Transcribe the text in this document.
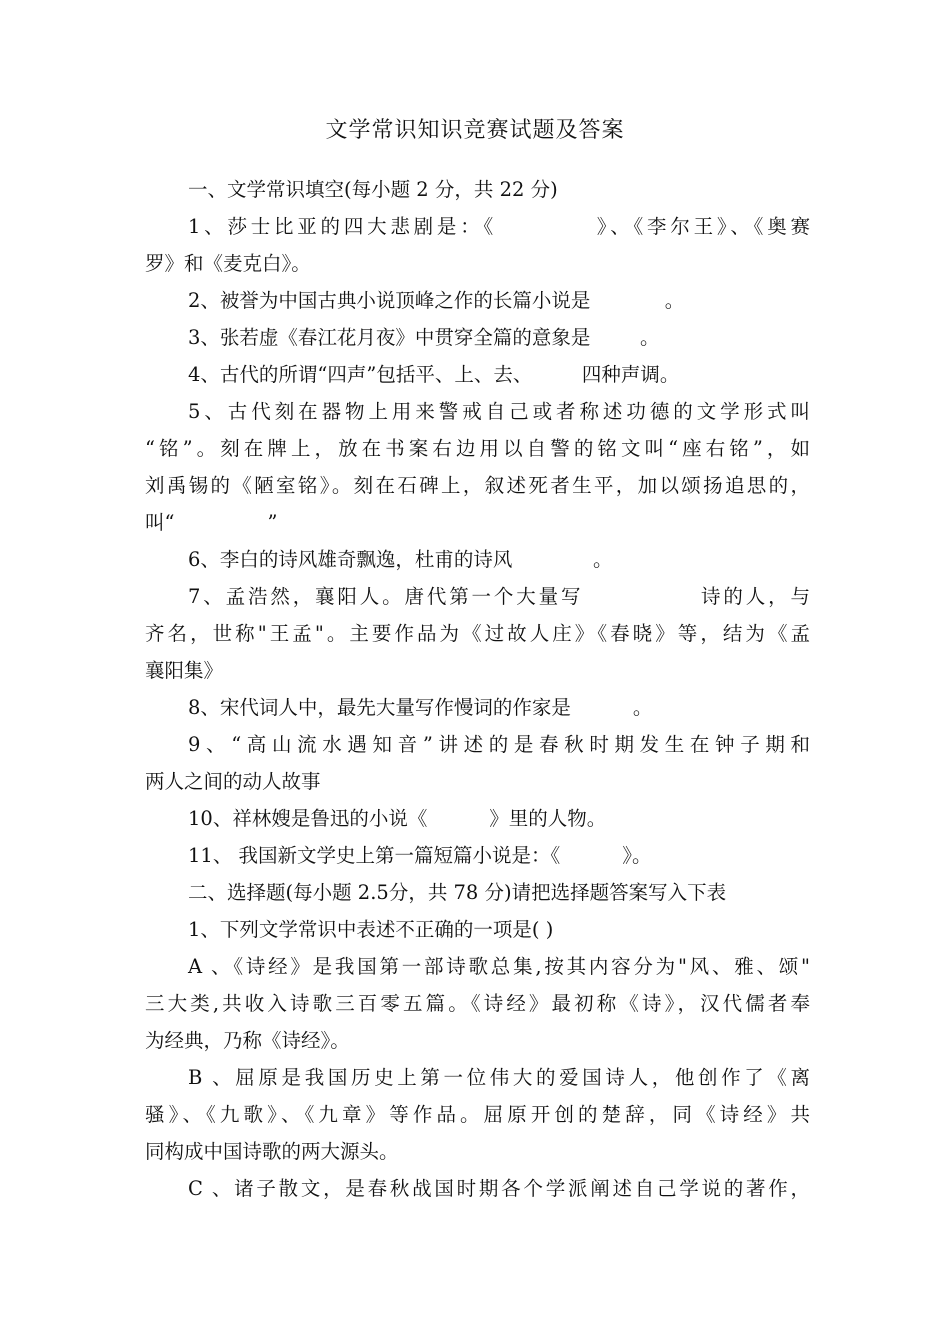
文学常识知识竞赛试题及答案
一、文学常识填空(每小题 2 分，共 22 分)
1、莎士比亚的四大悲剧是：《          》、《李尔王》、《奥赛
罗》和《麦克白》。
2、被誉为中国古典小说顶峰之作的长篇小说是            。
3、张若虚《春江花月夜》中贯穿全篇的意象是        。
4、古代的所谓“四声”包括平、上、去、        四种声调。
5、古代刻在器物上用来警戒自己或者称述功德的文学形式叫
“铭”。刻在牌上，放在书案右边用以自警的铭文叫“座右铭”，如
刘禹锡的《陋室铭》。刻在石碑上，叙述死者生平，加以颂扬追思的，
叫“               ”
6、李白的诗风雄奇飘逸，杜甫的诗风             。
7、孟浩然，襄阳人。唐代第一个大量写             诗的人，与
齐名，世称"王孟"。主要作品为《过故人庄》《春晓》等，结为《孟
襄阳集》
8、宋代词人中，最先大量写作慢词的作家是          。
9、“高山流水遇知音”讲述的是春秋时期发生在钟子期和
两人之间的动人故事
10、祥林嫂是鲁迅的小说《          》里的人物。
11、 我国新文学史上第一篇短篇小说是：《          》。
二、选择题(每小题 2.5分，共 78 分)请把选择题答案写入下表
1、下列文学常识中表述不正确的一项是( )
A 、《诗经》是我国第一部诗歌总集,按其内容分为"风、雅、颂"
三大类,共收入诗歌三百零五篇。《诗经》最初称《诗》，汉代儒者奉
为经典，乃称《诗经》。
B 、屈原是我国历史上第一位伟大的爱国诗人，他创作了《离
骚》、《九歌》、《九章》等作品。屈原开创的楚辞，同《诗经》共
同构成中国诗歌的两大源头。
C 、诸子散文，是春秋战国时期各个学派阐述自己学说的著作，
